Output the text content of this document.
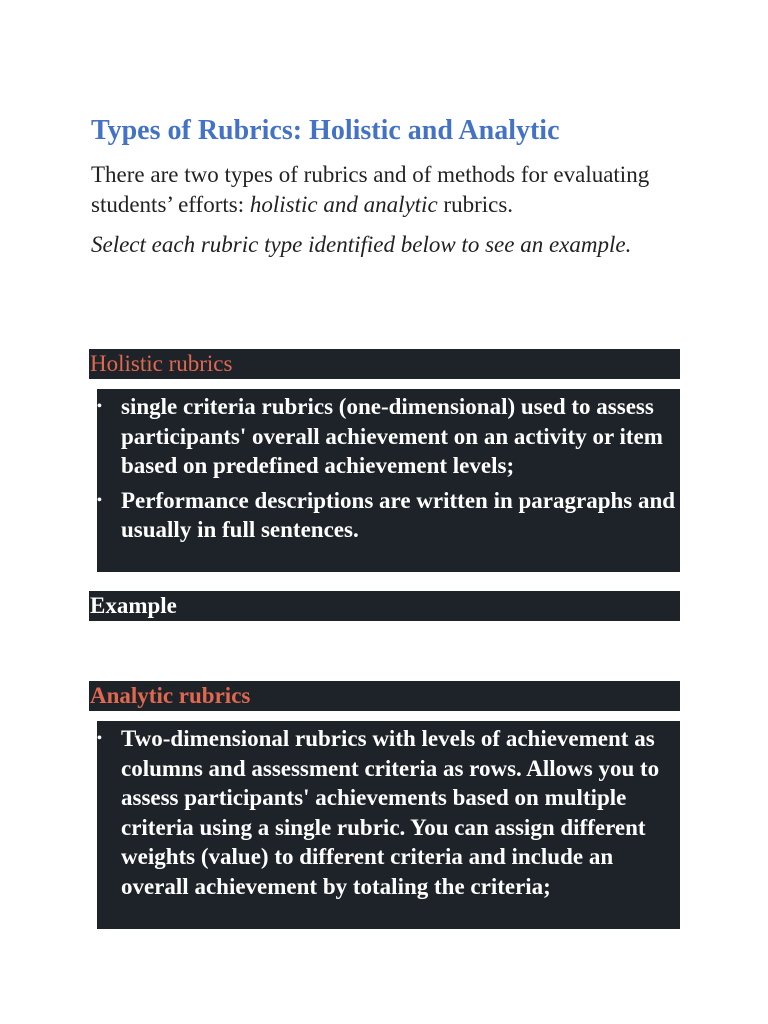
Types of Rubrics: Holistic and Analytic

There are two types of rubrics and of methods for evaluating students’ efforts: holistic and analytic rubrics.

Select each rubric type identified below to see an example.

Holistic rubrics
• single criteria rubrics (one-dimensional) used to assess participants' overall achievement on an activity or item based on predefined achievement levels;
• Performance descriptions are written in paragraphs and usually in full sentences.
Example
Analytic rubrics
• Two-dimensional rubrics with levels of achievement as columns and assessment criteria as rows. Allows you to assess participants' achievements based on multiple criteria using a single rubric. You can assign different weights (value) to different criteria and include an overall achievement by totaling the criteria;
